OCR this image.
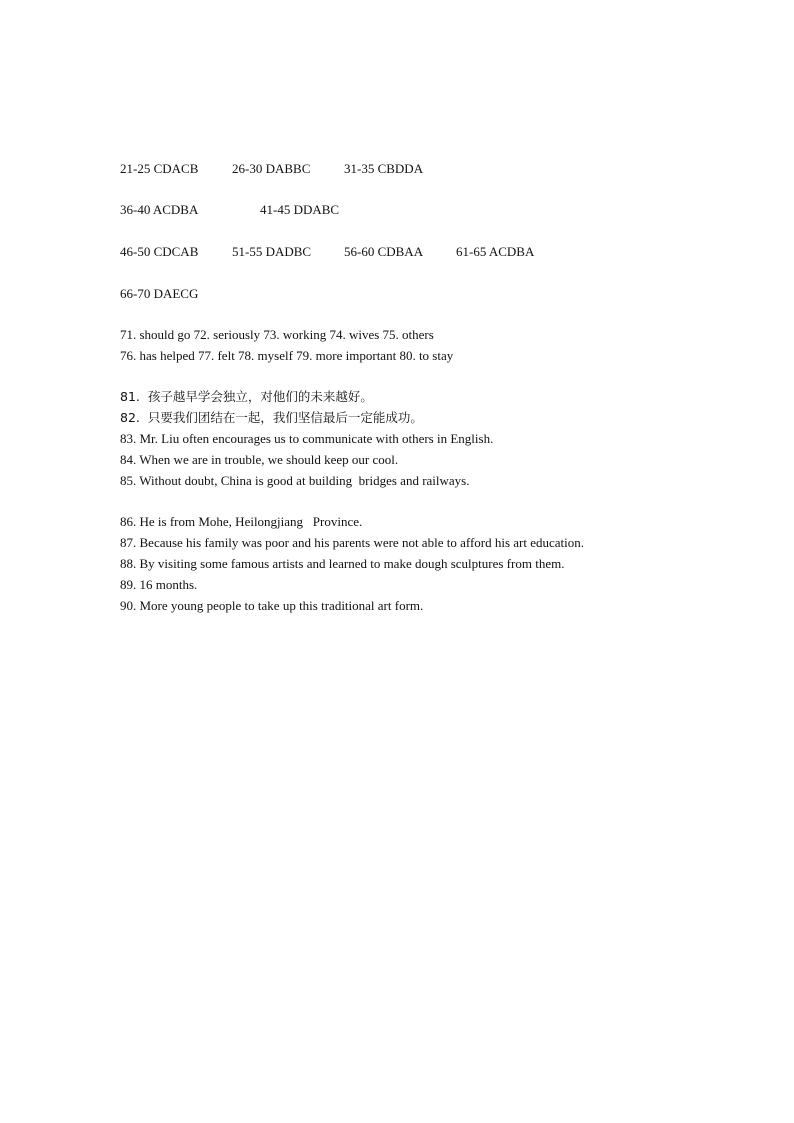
21-25 CDACB

	26-30 DABBC

	31-35 CBDDA

36-40 ACDBA

	41-45 DDABC

46-50 CDCAB

	51-55 DADBC

	56-60 CDBAA

	61-65 ACDBA

66-70 DAECG

71. should go 72. seriously 73. working 74. wives 75. others
76. has helped 77. felt 78. myself 79. more important 80. to stay
81.  孩子越早学会独立，对他们的未来越好。
82.  只要我们团结在一起，我们坚信最后一定能成功。
83. Mr. Liu often encourages us to communicate with others in English.
84. When we are in trouble, we should keep our cool.
85. Without doubt, China is good at building  bridges and railways.
86. He is from Mohe, Heilongjiang   Province.
87. Because his family was poor and his parents were not able to afford his art education.
88. By visiting some famous artists and learned to make dough sculptures from them.
89. 16 months.
90. More young people to take up this traditional art form.
